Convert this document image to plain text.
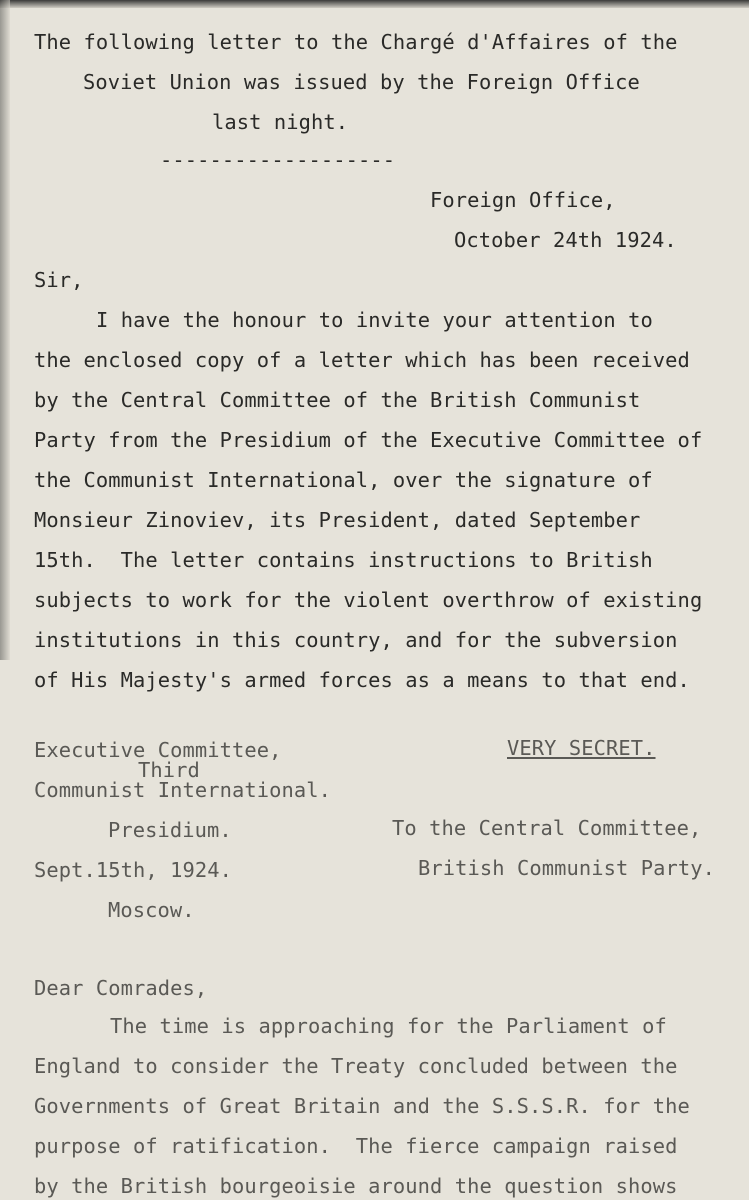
The following letter to the Chargé d'Affaires of the
Soviet Union was issued by the Foreign Office
last night.
-------------------
Foreign Office,
October 24th 1924.
Sir,
I have the honour to invite your attention to
the enclosed copy of a letter which has been received
by the Central Committee of the British Communist
Party from the Presidium of the Executive Committee of
the Communist International, over the signature of
Monsieur Zinoviev, its President, dated September
15th.  The letter contains instructions to British
subjects to work for the violent overthrow of existing
institutions in this country, and for the subversion
of His Majesty's armed forces as a means to that end.
Executive Committee,
Third
Communist International.
VERY SECRET.
Presidium.	To the Central Committee,
Sept.15th, 1924.	British Communist Party.
Moscow.
Dear Comrades,
The time is approaching for the Parliament of
England to consider the Treaty concluded between the
Governments of Great Britain and the S.S.S.R. for the
purpose of ratification.  The fierce campaign raised
by the British bourgeoisie around the question shows
